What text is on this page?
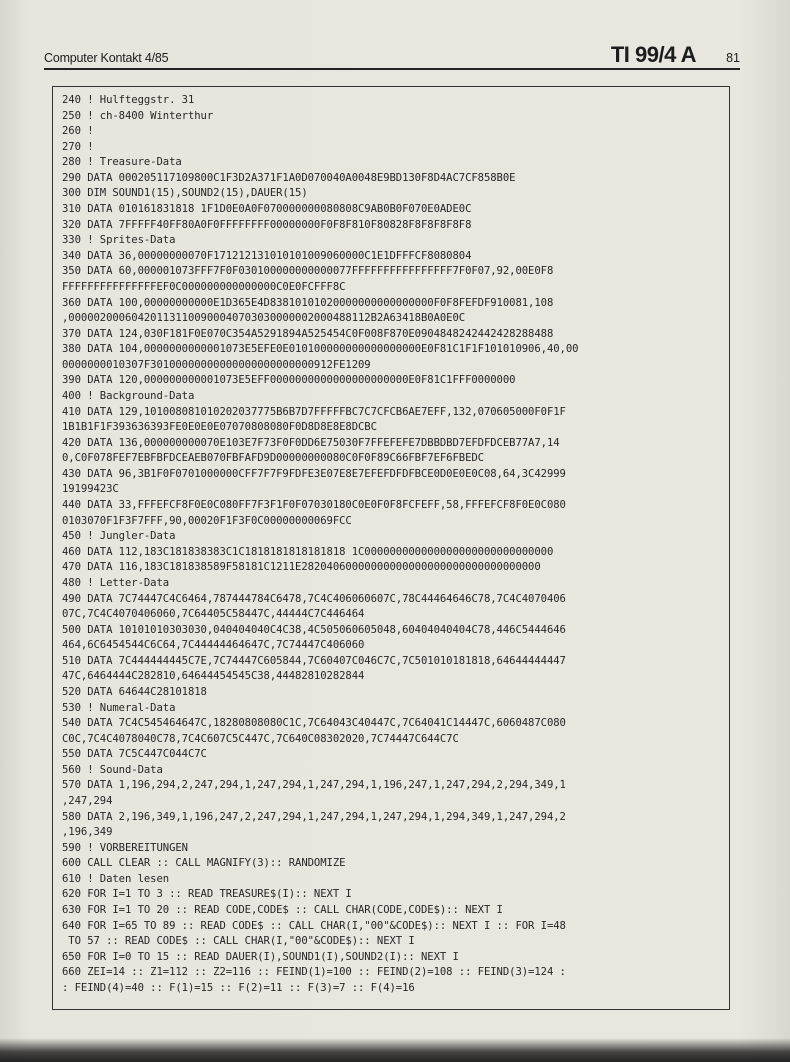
Computer Kontakt 4/85	TI 99/4 A 81
240 ! Hulfteggstr. 31
250 ! ch-8400 Winterthur
260 !
270 !
280 ! Treasure-Data
290 DATA 000205117109800C1F3D2A371F1A0D070040A0048E9BD130F8D4AC7CF858B0E
300 DIM SOUND1(15),SOUND2(15),DAUER(15)
310 DATA 010161831818 1F1D0E0A0F070000000080808C9AB0B0F070E0ADE0C
320 DATA 7FFFFF40FF80A0F0FFFFFFFF00000000F0F8F810F80828F8F8F8F8F8
330 ! Sprites-Data
340 DATA 36,00000000070F171212131010101009060000C1E1DFFFCF8080804
350 DATA 60,000001073FFF7F0F030100000000000077FFFFFFFFFFFFFFFF7F0F07,92,00E0F8
FFFFFFFFFFFFFFFEF0C000000000000000C0E0FCFFF8C
360 DATA 100,00000000000E1D365E4D83810101020000000000000000F0F8FEFDF910081,108
,000002000604201131100900040703030000002000488112B2A63418B0A0E0C
370 DATA 124,030F181F0E070C354A5291894A525454C0F008F870E0904848242442428288488
380 DATA 104,0000000000001073E5EFE0E010100000000000000000E0F81C1F1F101010906,40,00
0000000010307F30100000000000000000000000912FE1209
390 DATA 120,000000000001073E5EFF0000000000000000000000E0F81C1FFF0000000
400 ! Background-Data
410 DATA 129,101008081010202037775B6B7D7FFFFFBC7C7CFCB6AE7EFF,132,070605000F0F1F
1B1B1F1F393636393FE0E0E0E07070808080F0D8D8E8E8DCBC
420 DATA 136,000000000070E103E7F73F0F0DD6E75030F7FFEFEFE7DBBDBD7EFDFDCEB77A7,14
0,C0F078FEF7EBFBFDCEAEB070FBFAFD9D00000000080C0F0F89C66FBF7EF6FBEDC
430 DATA 96,3B1F0F0701000000CFF7F7F9FDFE3E07E8E7EFEFDFDFBCE0D0E0E0C08,64,3C42999
19199423C
440 DATA 33,FFFEFCF8F0E0C080FF7F3F1F0F07030180C0E0F0F8FCFEFF,58,FFFEFCF8F0E0C080
0103070F1F3F7FFF,90,00020F1F3F0C00000000069FCC
450 ! Jungler-Data
460 DATA 112,183C181838383C1C1818181818181818 1C000000000000000000000000000000
470 DATA 116,183C181838589F58181C1211E28204060000000000000000000000000000000
480 ! Letter-Data
490 DATA 7C74447C4C6464,787444784C6478,7C4C406060607C,78C44464646C78,7C4C4070406
07C,7C4C4070406060,7C64405C58447C,44444C7C446464
500 DATA 10101010303030,040404040C4C38,4C505060605048,60404040404C78,446C5444646
464,6C6454544C6C64,7C44444464647C,7C74447C406060
510 DATA 7C444444445C7E,7C74447C605844,7C60407C046C7C,7C501010181818,64644444447
47C,6464444C282810,64644454545C38,44482810282844
520 DATA 64644C28101818
530 ! Numeral-Data
540 DATA 7C4C545464647C,18280808080C1C,7C64043C40447C,7C64041C14447C,6060487C080
C0C,7C4C4078040C78,7C4C607C5C447C,7C640C08302020,7C74447C644C7C
550 DATA 7C5C447C044C7C
560 ! Sound-Data
570 DATA 1,196,294,2,247,294,1,247,294,1,247,294,1,196,247,1,247,294,2,294,349,1
,247,294
580 DATA 2,196,349,1,196,247,2,247,294,1,247,294,1,247,294,1,294,349,1,247,294,2
,196,349
590 ! VORBEREITUNGEN
600 CALL CLEAR :: CALL MAGNIFY(3):: RANDOMIZE
610 ! Daten lesen
620 FOR I=1 TO 3 :: READ TREASURE$(I):: NEXT I
630 FOR I=1 TO 20 :: READ CODE,CODE$ :: CALL CHAR(CODE,CODE$):: NEXT I
640 FOR I=65 TO 89 :: READ CODE$ :: CALL CHAR(I,"00"&CODE$):: NEXT I :: FOR I=48
TO 57 :: READ CODE$ :: CALL CHAR(I,"00"&CODE$):: NEXT I
650 FOR I=0 TO 15 :: READ DAUER(I),SOUND1(I),SOUND2(I):: NEXT I
660 ZEI=14 :: Z1=112 :: Z2=116 :: FEIND(1)=100 :: FEIND(2)=108 :: FEIND(3)=124 :
: FEIND(4)=40 :: F(1)=15 :: F(2)=11 :: F(3)=7 :: F(4)=16
